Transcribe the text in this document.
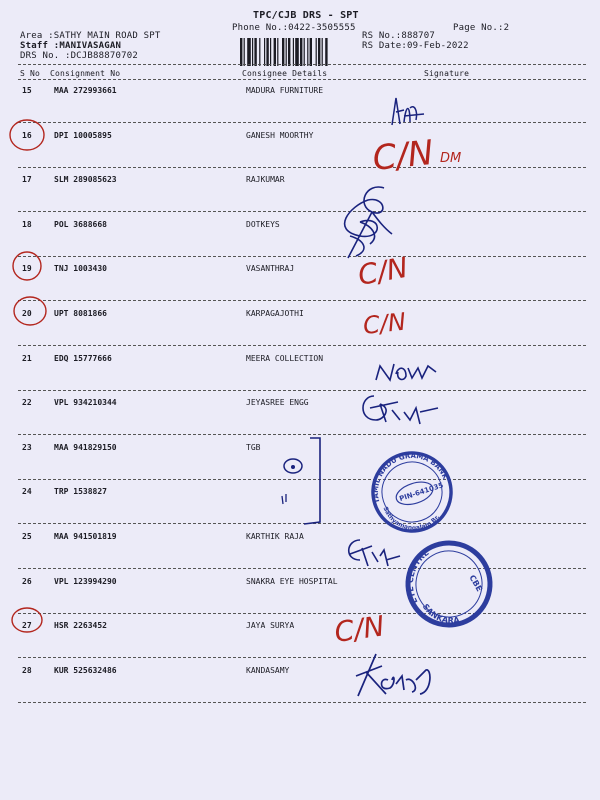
TPC/CJB DRS - SPT
Phone No.:0422-3505555	Page No.:2
Area :SATHY MAIN ROAD SPT
Staff :MANIVASAGAN
DRS No. :DCJB88870702
RS No.:888707
RS Date:09-Feb-2022
S No Consignment No	Consignee Details	Signature
15	MAA 272993661	MADURA FURNITURE
16	DPI 10005895	GANESH MOORTHY
17	SLM 289085623	RAJKUMAR
18	POL 3688668	DOTKEYS
19	TNJ 1003430	VASANTHRAJ
20	UPT 8081866	KARPAGAJOTHI
21	EDQ 15777666	MEERA COLLECTION
22	VPL 934210344	JEYASREE ENGG
23	MAA 941829150	TGB
24	TRP 1538827
25	MAA 941501819	KARTHIK RAJA
26	VPL 123994290	SNAKRA EYE HOSPITAL
27	HSR 2263452	JAYA SURYA
28	KUR 525632486	KANDASAMY
C/N DM
C/N
C/N
C/N
TAMIL NADU GRAMA BANK
Sathyamangalam Br.
PIN-641035
EYE CENTRE
SANKARA
CBE
